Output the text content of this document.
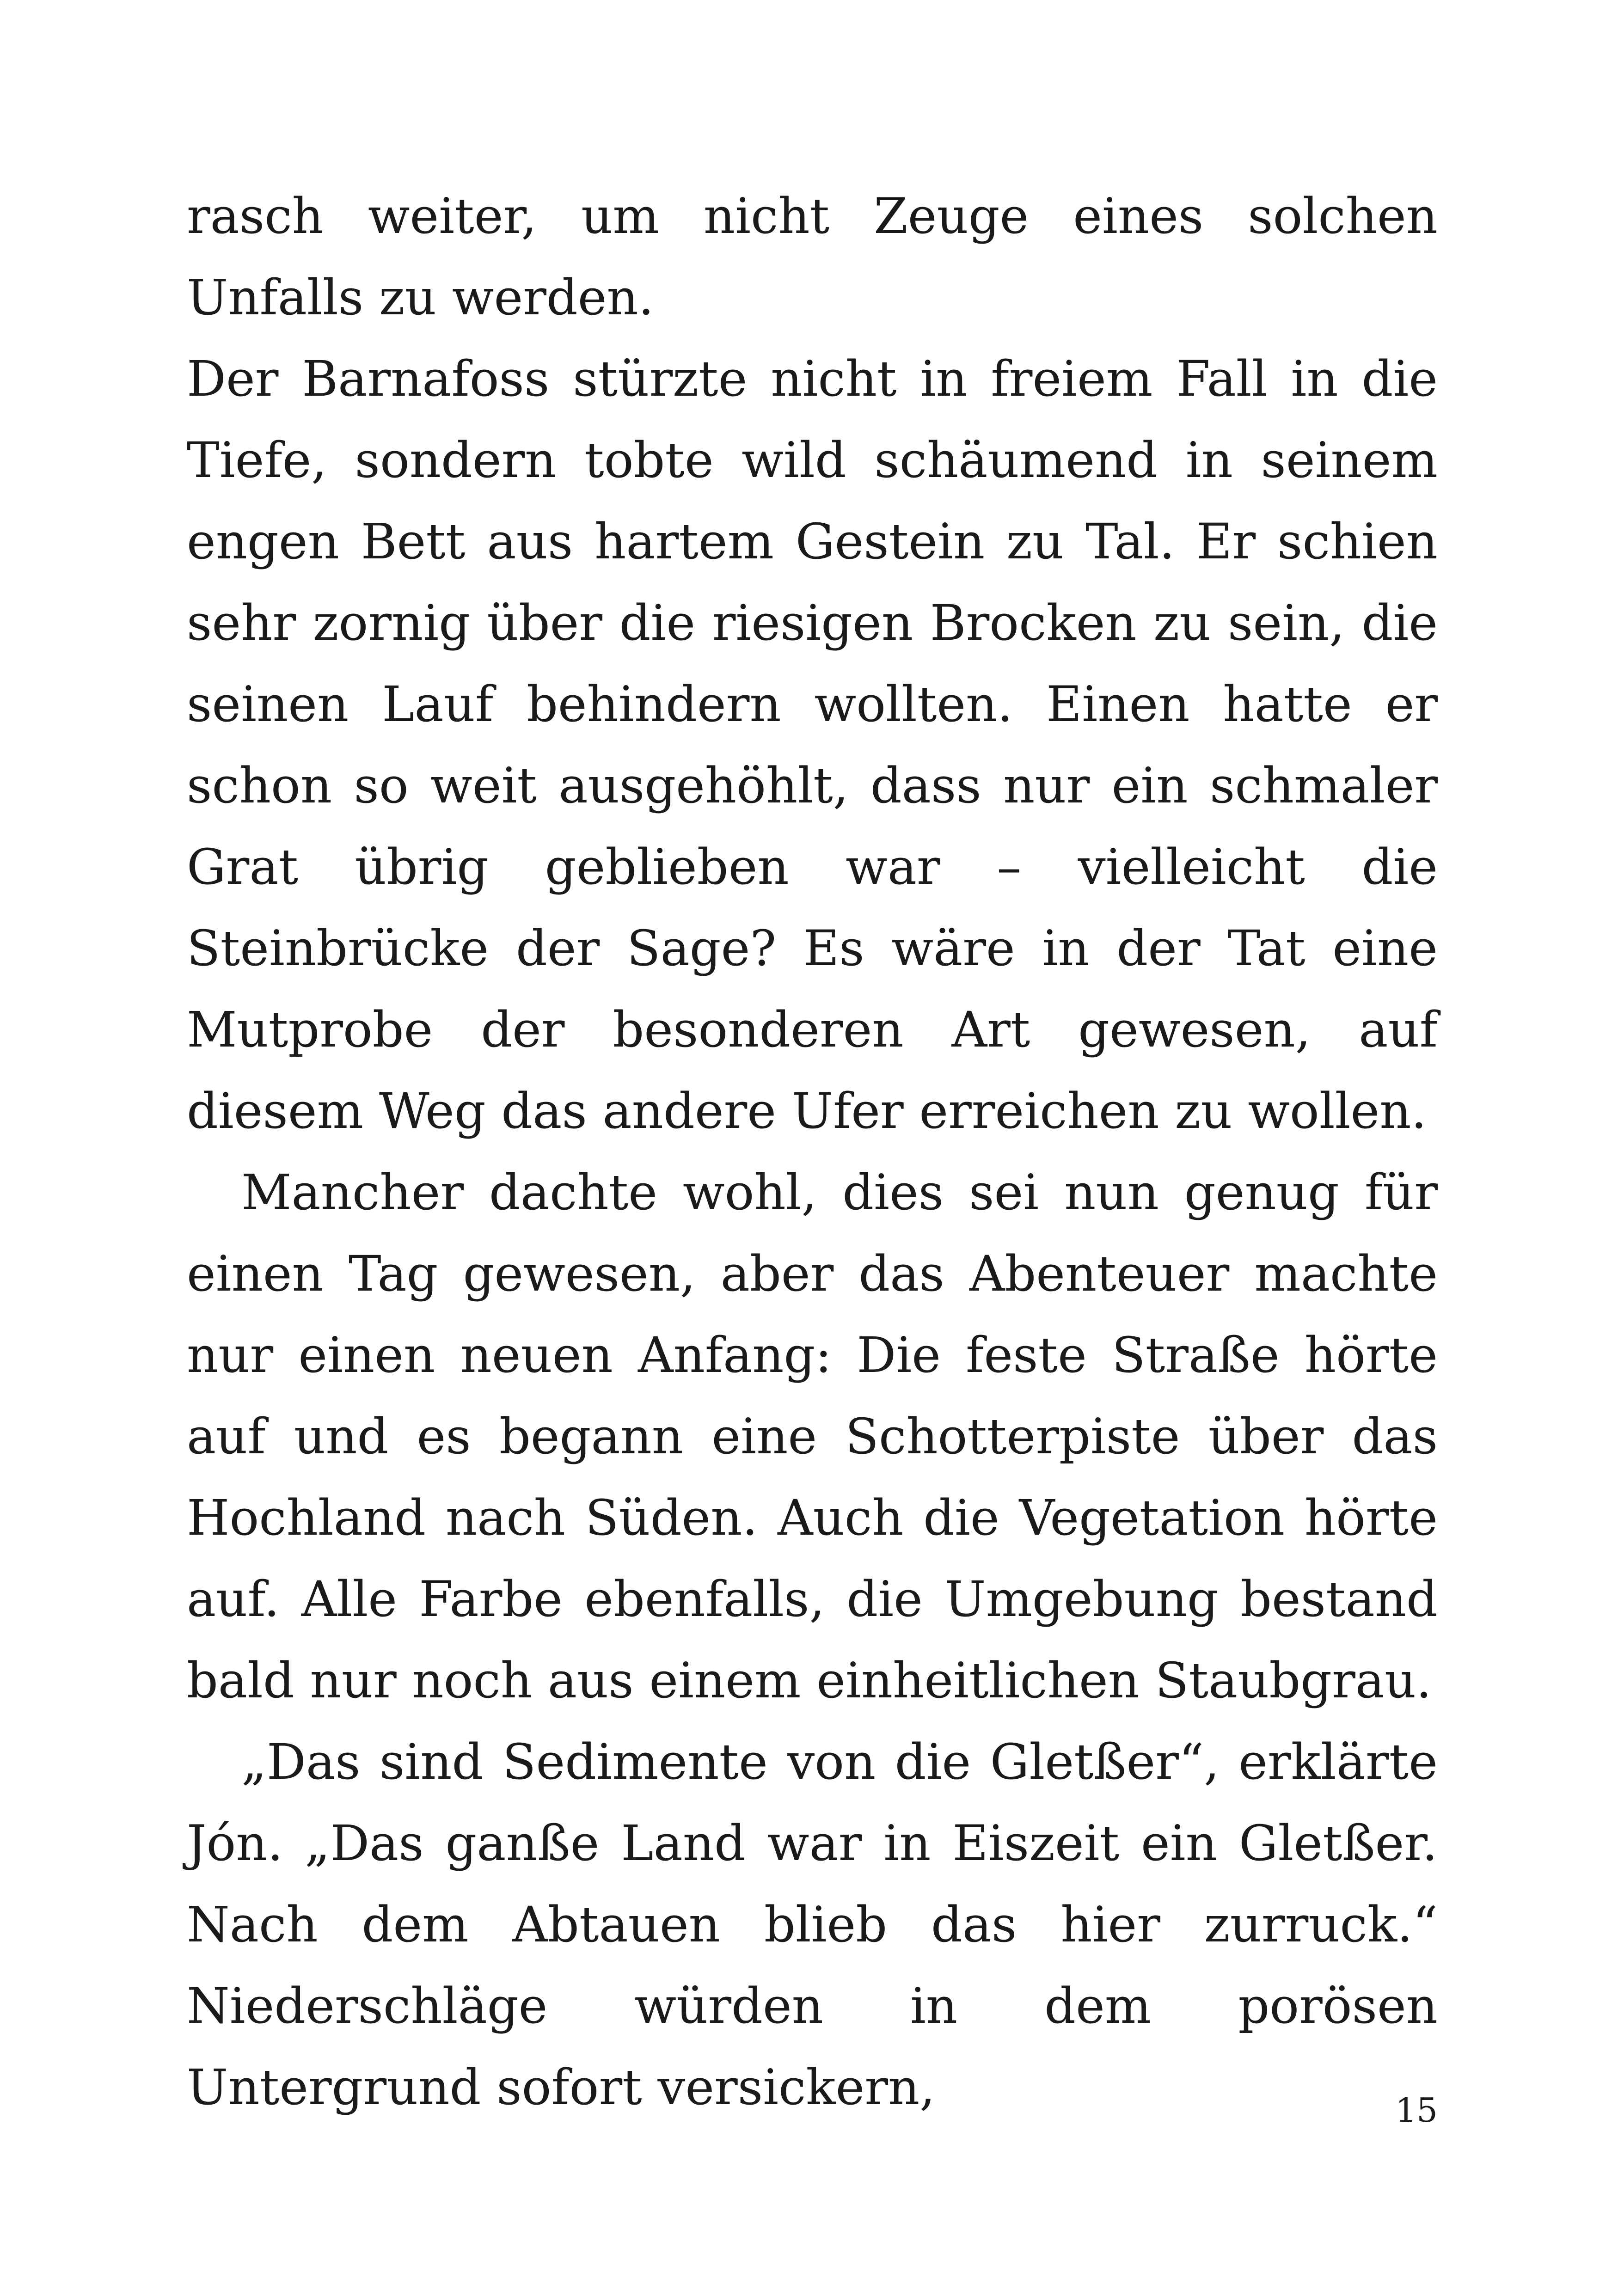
rasch weiter, um nicht Zeuge eines solchen Unfalls zu werden.

Der Barnafoss stürzte nicht in freiem Fall in die Tiefe, sondern tobte wild schäumend in seinem engen Bett aus hartem Gestein zu Tal. Er schien sehr zornig über die riesigen Brocken zu sein, die seinen Lauf behindern wollten. Einen hatte er schon so weit ausgehöhlt, dass nur ein schmaler Grat übrig geblieben war – vielleicht die Steinbrücke der Sage? Es wäre in der Tat eine Mutprobe der besonderen Art gewesen, auf diesem Weg das andere Ufer erreichen zu wollen.

Mancher dachte wohl, dies sei nun genug für einen Tag gewesen, aber das Abenteuer machte nur einen neuen Anfang: Die feste Straße hörte auf und es begann eine Schotterpiste über das Hochland nach Süden. Auch die Vegetation hörte auf. Alle Farbe ebenfalls, die Umgebung bestand bald nur noch aus einem einheitlichen Staubgrau.

„Das sind Sedimente von die Gletßer“, erklärte Jón. „Das ganße Land war in Eiszeit ein Gletßer. Nach dem Abtauen blieb das hier zurruck.“ Niederschläge würden in dem porösen Untergrund sofort versickern,	15
